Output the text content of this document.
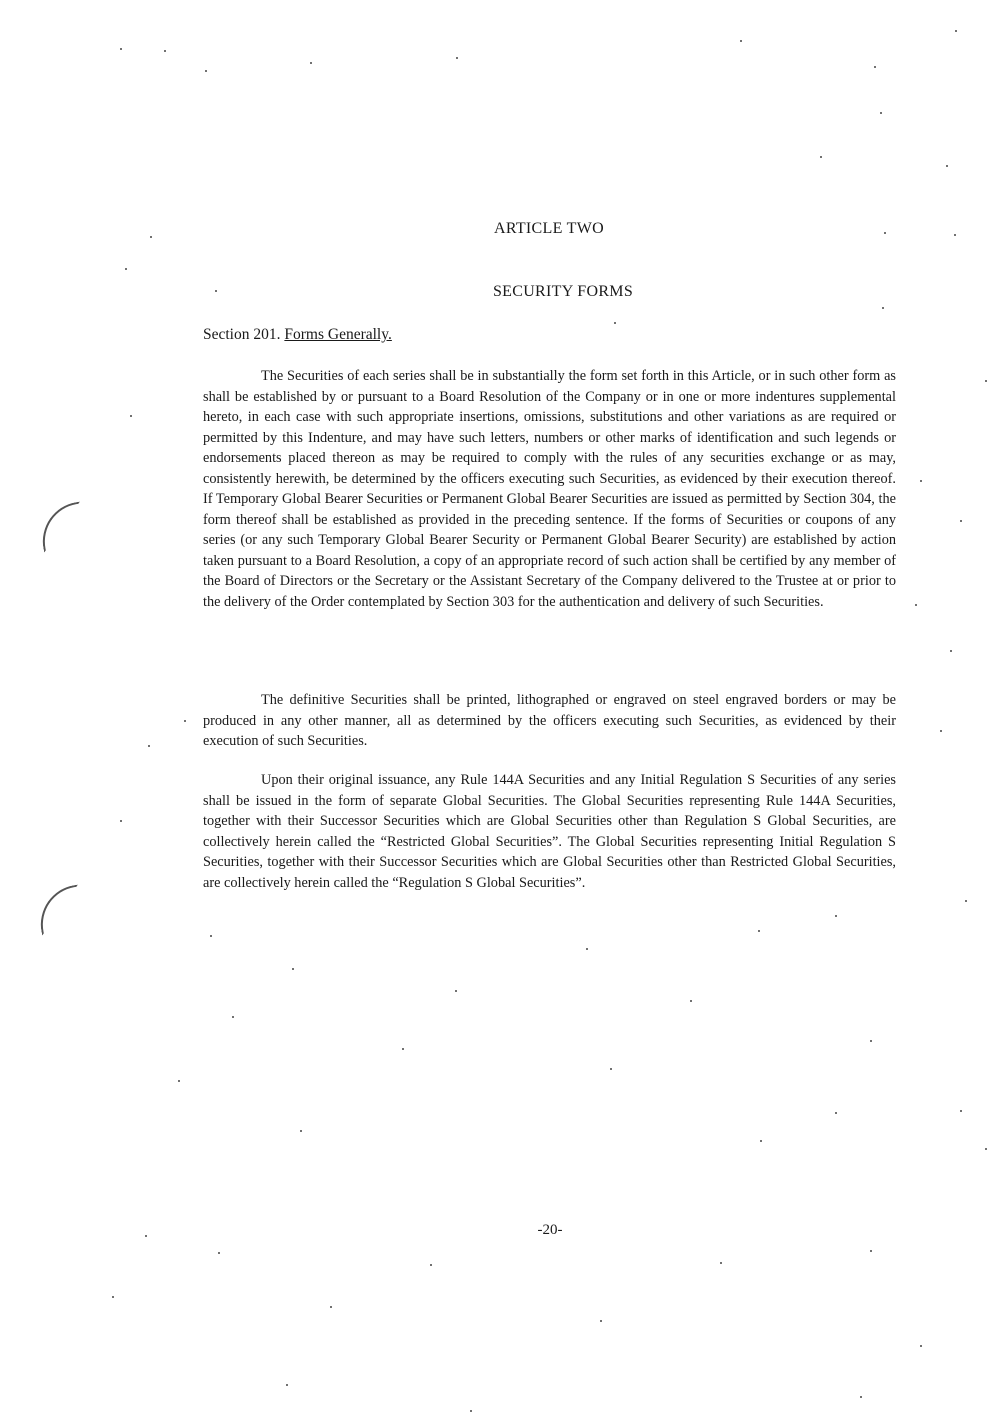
ARTICLE TWO
SECURITY FORMS
Section 201. Forms Generally.

The Securities of each series shall be in substantially the form set forth in this Article, or in such other form as shall be established by or pursuant to a Board Resolution of the Company or in one or more indentures supplemental hereto, in each case with such appropriate insertions, omissions, substitutions and other variations as are required or permitted by this Indenture, and may have such letters, numbers or other marks of identification and such legends or endorsements placed thereon as may be required to comply with the rules of any securities exchange or as may, consistently herewith, be determined by the officers executing such Securities, as evidenced by their execution thereof. If Temporary Global Bearer Securities or Permanent Global Bearer Securities are issued as permitted by Section 304, the form thereof shall be established as provided in the preceding sentence. If the forms of Securities or coupons of any series (or any such Temporary Global Bearer Security or Permanent Global Bearer Security) are established by action taken pursuant to a Board Resolution, a copy of an appropriate record of such action shall be certified by any member of the Board of Directors or the Secretary or the Assistant Secretary of the Company delivered to the Trustee at or prior to the delivery of the Order contemplated by Section 303 for the authentication and delivery of such Securities.

The definitive Securities shall be printed, lithographed or engraved on steel engraved borders or may be produced in any other manner, all as determined by the officers executing such Securities, as evidenced by their execution of such Securities.

Upon their original issuance, any Rule 144A Securities and any Initial Regulation S Securities of any series shall be issued in the form of separate Global Securities. The Global Securities representing Rule 144A Securities, together with their Successor Securities which are Global Securities other than Regulation S Global Securities, are collectively herein called the “Restricted Global Securities”. The Global Securities representing Initial Regulation S Securities, together with their Successor Securities which are Global Securities other than Restricted Global Securities, are collectively herein called the “Regulation S Global Securities”.

-20-
